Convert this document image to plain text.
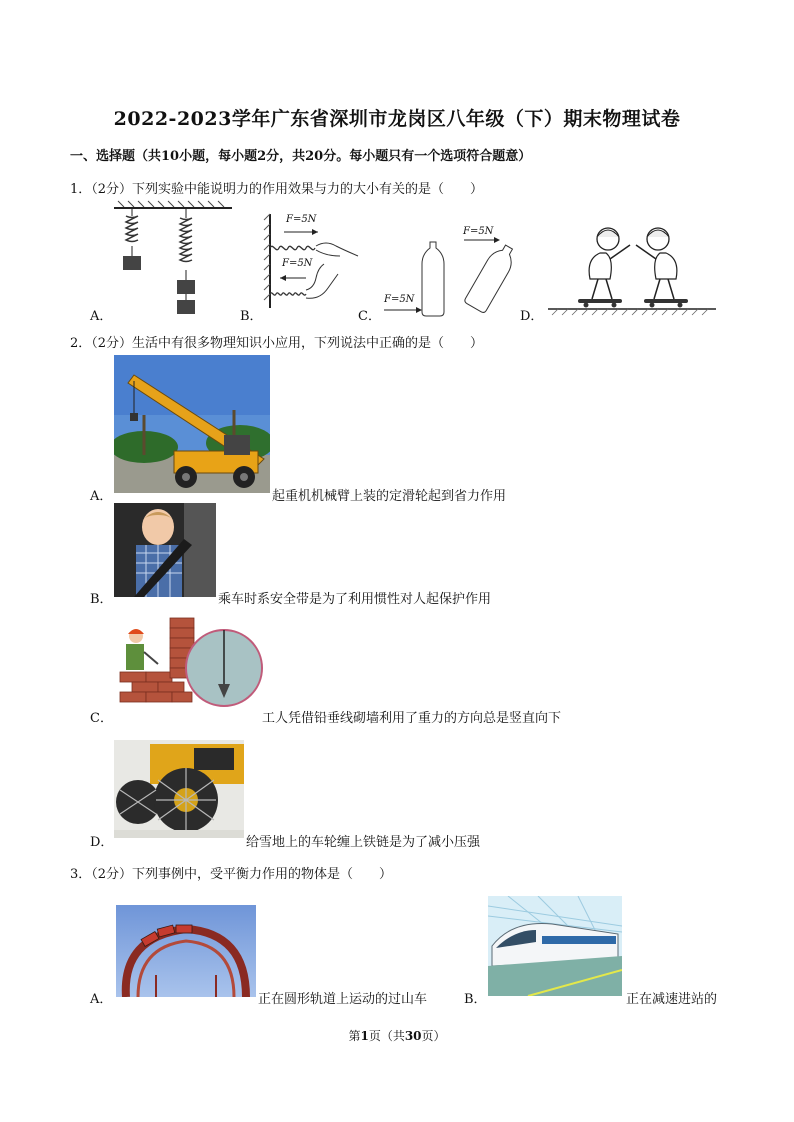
2022-2023学年广东省深圳市龙岗区八年级（下）期末物理试卷
一、选择题（共10小题，每小题2分，共20分。每小题只有一个选项符合题意）
1．（2分）下列实验中能说明力的作用效果与力的大小有关的是（　　）
A．
F=5N
F=5N
B．
F=5N
F=5N
C．	D．
2．（2分）生活中有很多物理知识小应用，下列说法中正确的是（　　）
A．	起重机机械臂上装的定滑轮起到省力作用
B．	乘车时系安全带是为了利用惯性对人起保护作用
C．	工人凭借铅垂线砌墙利用了重力的方向总是竖直向下
D．	给雪地上的车轮缠上铁链是为了减小压强
3．（2分）下列事例中，受平衡力作用的物体是（　　）
A．	正在圆形轨道上运动的过山车	B．	正在减速进站的
第1页（共30页）
